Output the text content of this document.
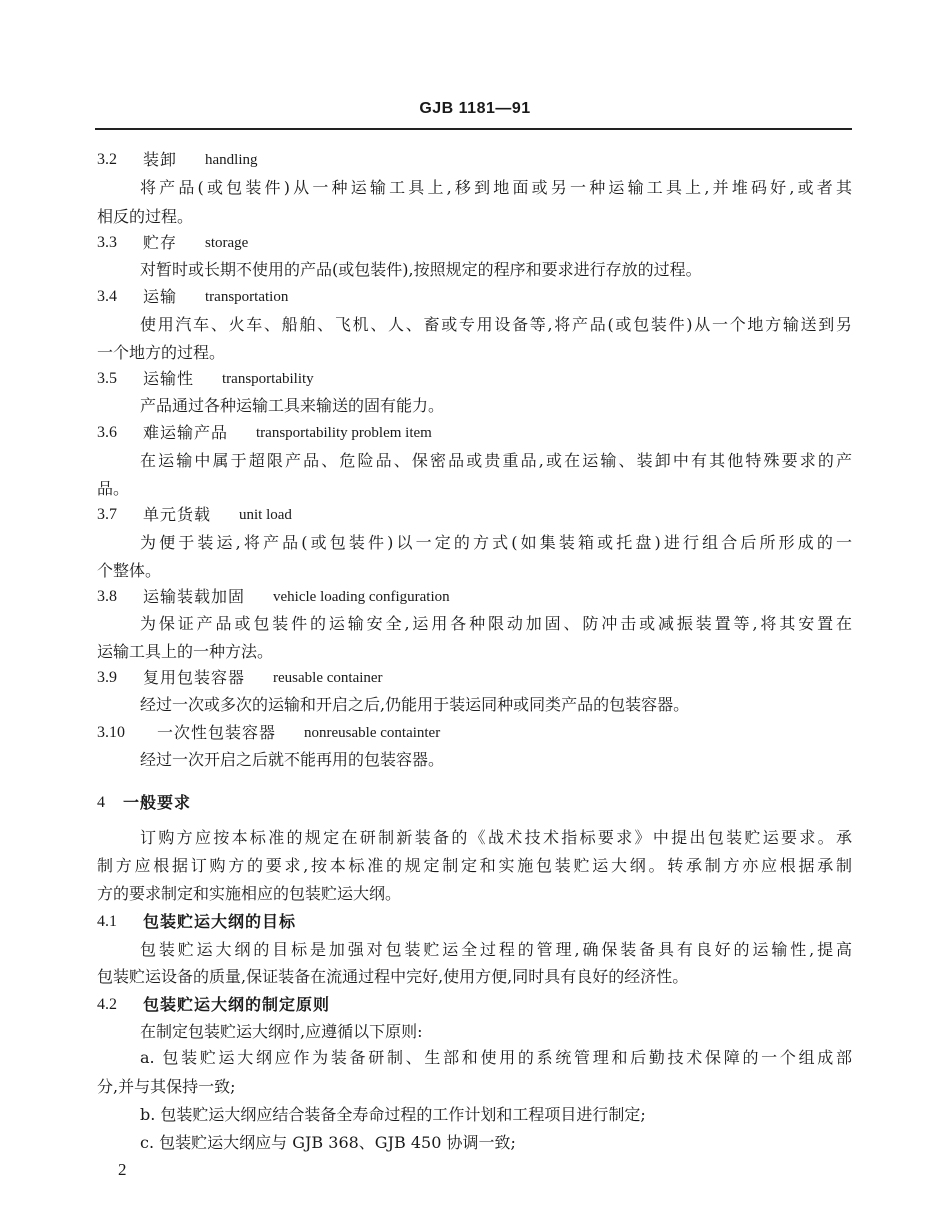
GJB 1181—91
3.2	装卸 handling
将产品(或包装件)从一种运输工具上,移到地面或另一种运输工具上,并堆码好,或者其
相反的过程。
3.3	贮存 storage
对暂时或长期不使用的产品(或包装件),按照规定的程序和要求进行存放的过程。
3.4	运输 transportation
使用汽车、火车、船舶、飞机、人、畜或专用设备等,将产品(或包装件)从一个地方输送到另
一个地方的过程。
3.5	运输性 transportability
产品通过各种运输工具来输送的固有能力。
3.6	难运输产品 transportability problem item
在运输中属于超限产品、危险品、保密品或贵重品,或在运输、装卸中有其他特殊要求的产
品。
3.7	单元货载 unit load
为便于装运,将产品(或包装件)以一定的方式(如集装箱或托盘)进行组合后所形成的一
个整体。
3.8	运输装载加固 vehicle loading configuration
为保证产品或包装件的运输安全,运用各种限动加固、防冲击或减振装置等,将其安置在
运输工具上的一种方法。
3.9	复用包装容器 reusable container
经过一次或多次的运输和开启之后,仍能用于装运同种或同类产品的包装容器。
3.10	一次性包装容器 nonreusable containter
经过一次开启之后就不能再用的包装容器。
4	一般要求
订购方应按本标准的规定在研制新装备的《战术技术指标要求》中提出包装贮运要求。承
制方应根据订购方的要求,按本标准的规定制定和实施包装贮运大纲。转承制方亦应根据承制
方的要求制定和实施相应的包装贮运大纲。
4.1	包装贮运大纲的目标
包装贮运大纲的目标是加强对包装贮运全过程的管理,确保装备具有良好的运输性,提高
包装贮运设备的质量,保证装备在流通过程中完好,使用方便,同时具有良好的经济性。
4.2	包装贮运大纲的制定原则
在制定包装贮运大纲时,应遵循以下原则:
a. 包装贮运大纲应作为装备研制、生部和使用的系统管理和后勤技术保障的一个组成部
分,并与其保持一致;
b. 包装贮运大纲应结合装备全寿命过程的工作计划和工程项目进行制定;
c. 包装贮运大纲应与 GJB 368、GJB 450 协调一致;
2
